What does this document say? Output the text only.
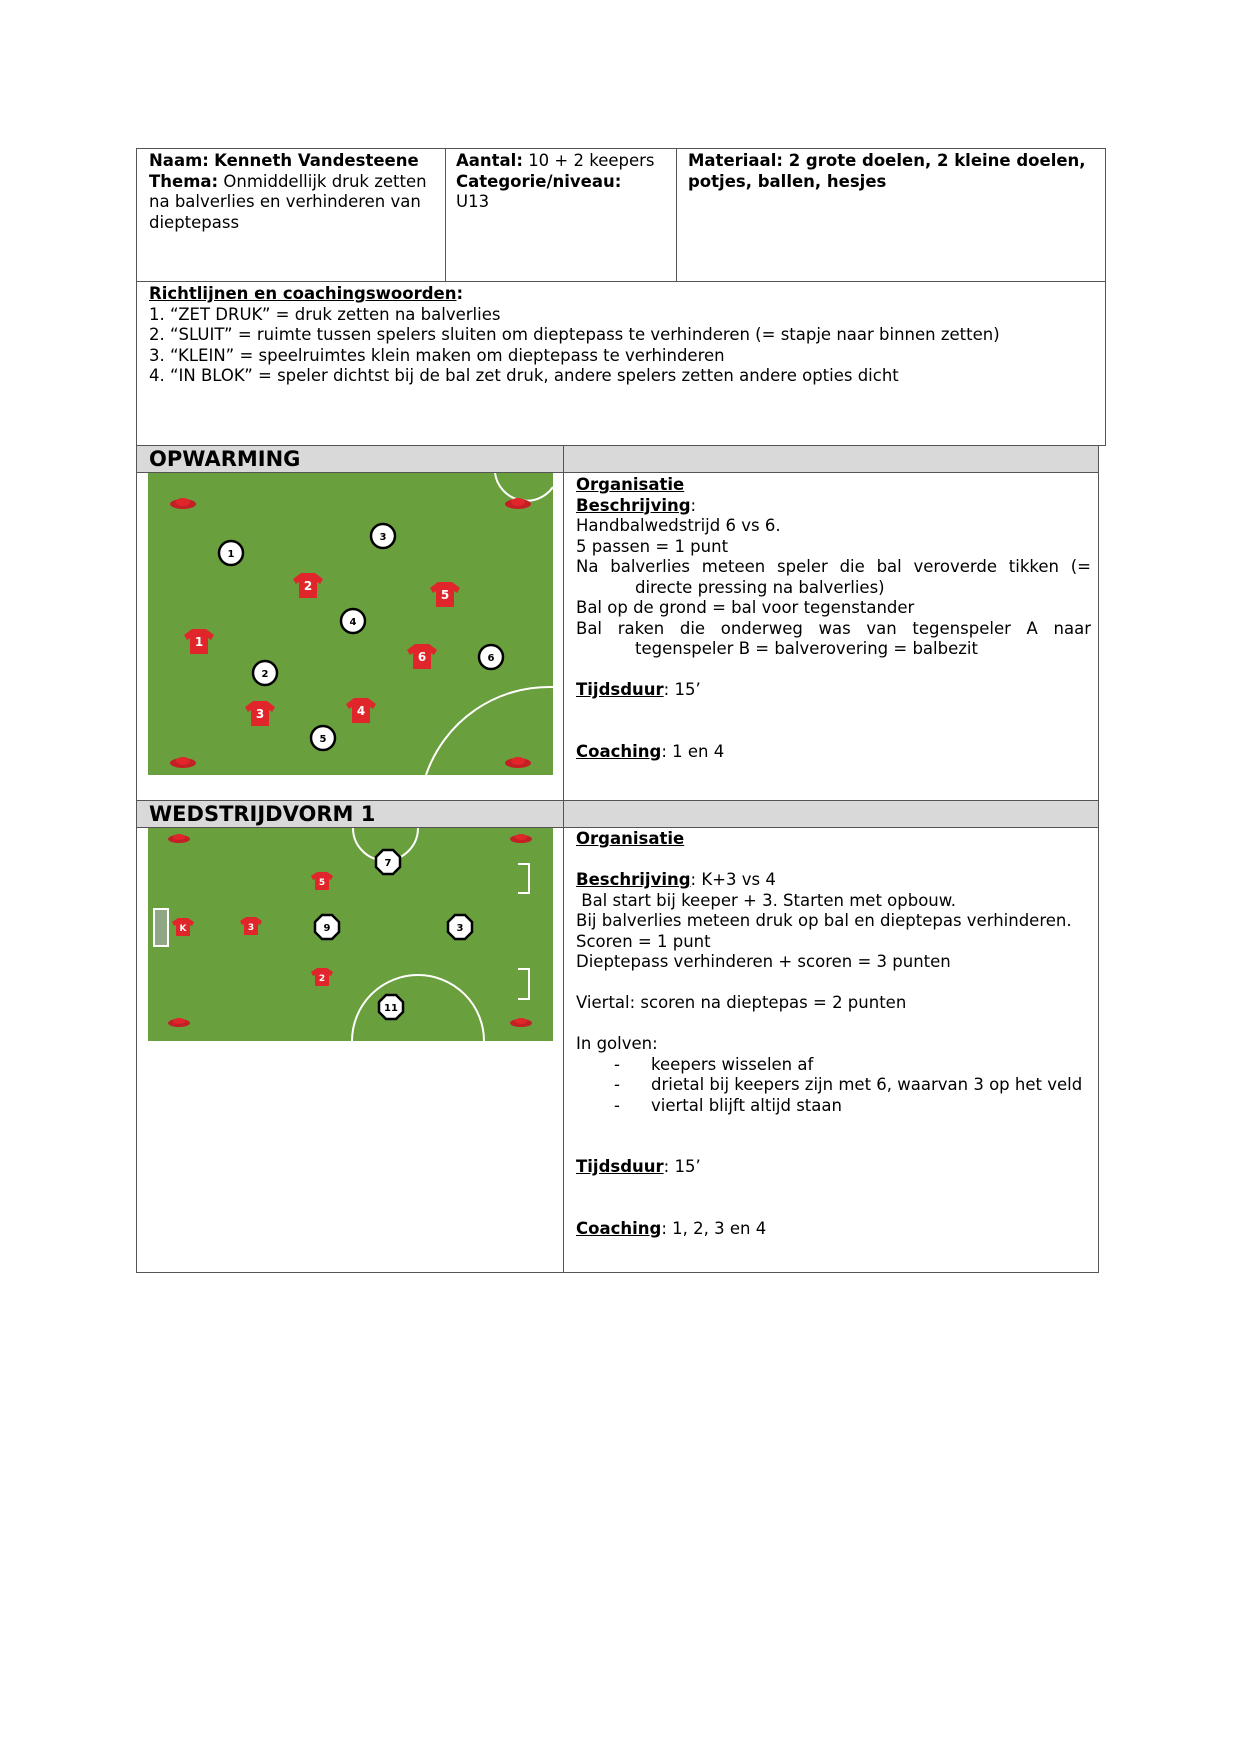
Naam: Kenneth Vandesteene
Thema: Onmiddellijk druk zetten na balverlies en verhinderen van dieptepass
Aantal: 10 + 2 keepers
Categorie/niveau:
U13
Materiaal: 2 grote doelen, 2 kleine doelen, potjes, ballen, hesjes
Richtlijnen en coachingswoorden:
1. “ZET DRUK” = druk zetten na balverlies
2. “SLUIT” = ruimte tussen spelers sluiten om dieptepass te verhinderen (= stapje naar binnen zetten)
3. “KLEIN” = speelruimtes klein maken om dieptepass te verhinderen
4. “IN BLOK” = speler dichtst bij de bal zet druk, andere spelers zetten andere opties dicht
OPWARMING
2
5
1
6
3	4
1
3
4
6
2
5
Organisatie
Beschrijving:
Handbalwedstrijd 6 vs 6.
5 passen = 1 punt
Na balverlies meteen speler die bal veroverde tikken (= directe pressing na balverlies)
Bal op de grond = bal voor tegenstander
Bal raken die onderweg was van tegenspeler A naar tegenspeler B = balverovering = balbezit

Tijdsduur: 15’

Coaching: 1 en 4
WEDSTRIJDVORM 1
K	3
5
2
7
9	3
11
Organisatie

Beschrijving: K+3 vs 4
Bal start bij keeper + 3. Starten met opbouw.
Bij balverlies meteen druk op bal en dieptepas verhinderen.
Scoren = 1 punt
Dieptepass verhinderen + scoren = 3 punten

Viertal: scoren na dieptepas = 2 punten

In golven:
-	keepers wisselen af
-	drietal bij keepers zijn met 6, waarvan 3 op het veld
-	viertal blijft altijd staan

Tijdsduur: 15’

Coaching: 1, 2, 3 en 4
